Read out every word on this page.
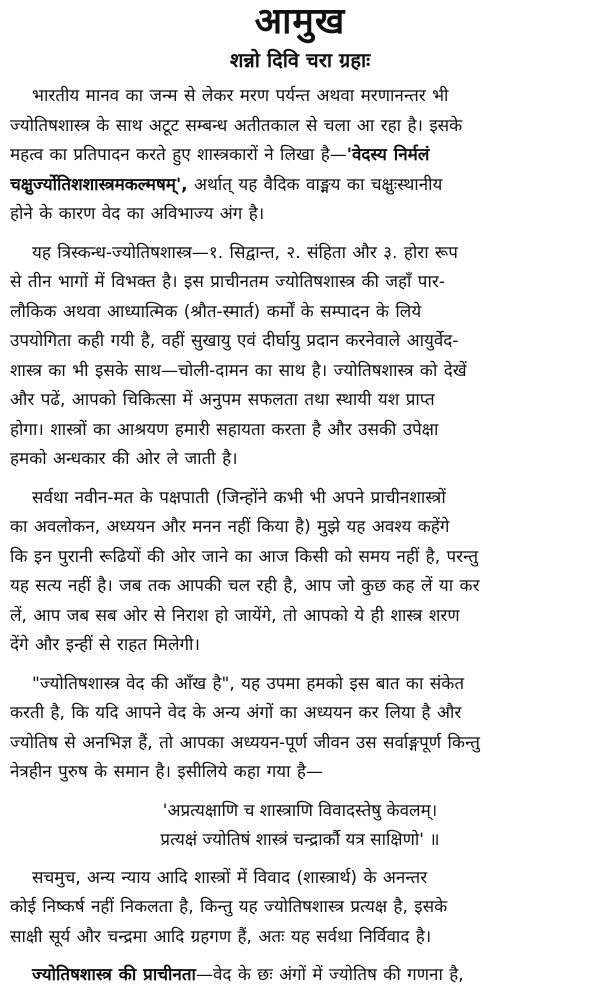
आमुख
शन्नो दिवि चरा ग्रहाः
भारतीय मानव का जन्म से लेकर मरण पर्यन्त अथवा मरणानन्तर भी
ज्योतिषशास्त्र के साथ अटूट सम्बन्ध अतीतकाल से चला आ रहा है। इसके
महत्व का प्रतिपादन करते हुए शास्त्रकारों ने लिखा है—'वेदस्य निर्मलं
चक्षुर्ज्योतिशशास्त्रमकल्मषम्', अर्थात् यह वैदिक वाङ्मय का चक्षुःस्थानीय
होने के कारण वेद का अविभाज्य अंग है।
यह त्रिस्कन्ध-ज्योतिषशास्त्र—१. सिद्वान्त, २. संहिता और ३. होरा रूप
से तीन भागों में विभक्त है। इस प्राचीनतम ज्योतिषशास्त्र की जहाँ पार-
लौकिक अथवा आध्यात्मिक (श्रौत-स्मार्त) कर्मों के सम्पादन के लिये
उपयोगिता कही गयी है, वहीं सुखायु एवं दीर्घायु प्रदान करनेवाले आयुर्वेद-
शास्त्र का भी इसके साथ—चोली-दामन का साथ है। ज्योतिषशास्त्र को देखें
और पढें, आपको चिकित्सा में अनुपम सफलता तथा स्थायी यश प्राप्त
होगा। शास्त्रों का आश्रयण हमारी सहायता करता है और उसकी उपेक्षा
हमको अन्धकार की ओर ले जाती है।
सर्वथा नवीन-मत के पक्षपाती (जिन्होंने कभी भी अपने प्राचीनशास्त्रों
का अवलोकन, अध्ययन और मनन नहीं किया है) मुझे यह अवश्य कहेंगे
कि इन पुरानी रूढियों की ओर जाने का आज किसी को समय नहीं है, परन्तु
यह सत्य नहीं है। जब तक आपकी चल रही है, आप जो कुछ कह लें या कर
लें, आप जब सब ओर से निराश हो जायेंगे, तो आपको ये ही शास्त्र शरण
देंगे और इन्हीं से राहत मिलेगी।
"ज्योतिषशास्त्र वेद की आँख है", यह उपमा हमको इस बात का संकेत
करती है, कि यदि आपने वेद के अन्य अंगों का अध्ययन कर लिया है और
ज्योतिष से अनभिज्ञ हैं, तो आपका अध्ययन-पूर्ण जीवन उस सर्वाङ्गपूर्ण किन्तु
नेत्रहीन पुरुष के समान है। इसीलिये कहा गया है—
'अप्रत्यक्षाणि च शास्त्राणि विवादस्तेषु केवलम्।
प्रत्यक्षं ज्योतिषं शास्त्रं चन्द्रार्कौ यत्र साक्षिणो' ॥
सचमुच, अन्य न्याय आदि शास्त्रों में विवाद (शास्त्रार्थ) के अनन्तर
कोई निष्कर्ष नहीं निकलता है, किन्तु यह ज्योतिषशास्त्र प्रत्यक्ष है, इसके
साक्षी सूर्य और चन्द्रमा आदि ग्रहगण हैं, अतः यह सर्वथा निर्विवाद है।
ज्योतिषशास्त्र की प्राचीनता—वेद के छः अंगों में ज्योतिष की गणना है,
